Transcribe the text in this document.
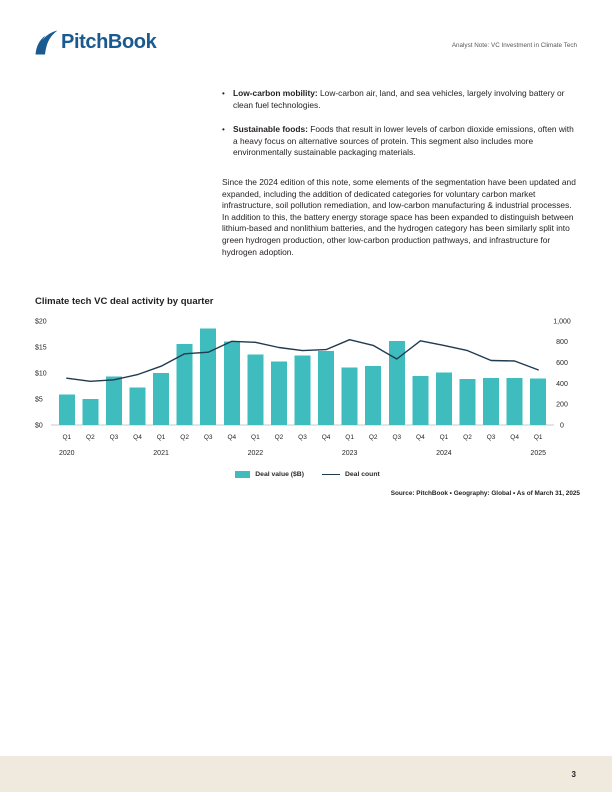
PitchBook	Analyst Note: VC Investment in Climate Tech
• Low-carbon mobility: Low-carbon air, land, and sea vehicles, largely involving battery or clean fuel technologies.
• Sustainable foods: Foods that result in lower levels of carbon dioxide emissions, often with a heavy focus on alternative sources of protein. This segment also includes more environmentally sustainable packaging materials.
Since the 2024 edition of this note, some elements of the segmentation have been updated and expanded, including the addition of dedicated categories for voluntary carbon market infrastructure, soil pollution remediation, and low-carbon manufacturing & industrial processes. In addition to this, the battery energy storage space has been expanded to distinguish between lithium-based and nonlithium batteries, and the hydrogen category has been similarly split into green hydrogen production, other low-carbon production pathways, and infrastructure for hydrogen adoption.
Climate tech VC deal activity by quarter
$0
$5
$10
$15
$20
0
200
400
600
800
1,000
Q1
2020
Q2 Q3 Q4 Q1
2021
Q2 Q3 Q4 Q1
2022
Q2 Q3 Q4 Q1
2023
Q2 Q3 Q4 Q1
2024
Q2 Q3 Q4 Q1
2025
Deal value ($B)	Deal count
Source: PitchBook • Geography: Global • As of March 31, 2025
3
